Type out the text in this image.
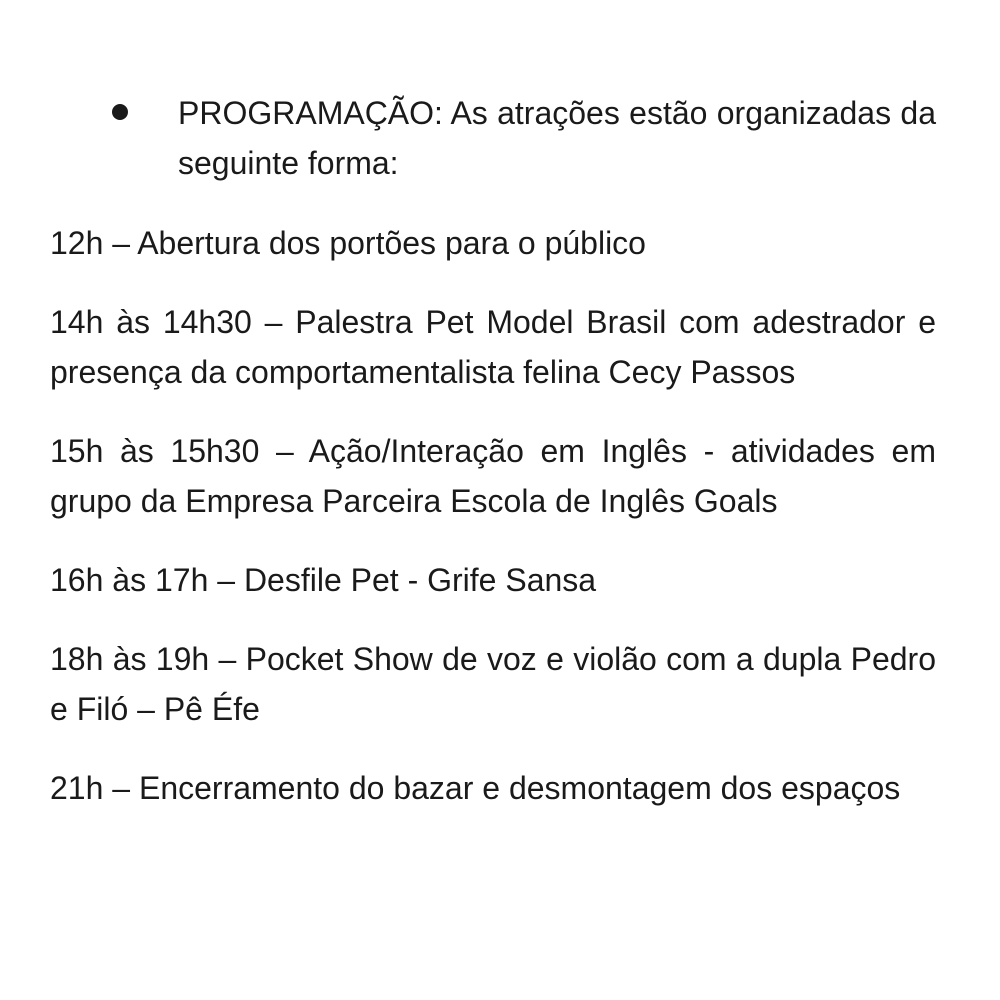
PROGRAMAÇÃO: As atrações estão organizadas da seguinte forma:

12h – Abertura dos portões para o público

14h às 14h30 – Palestra Pet Model Brasil com adestrador e presença da comportamentalista felina Cecy Passos

15h às 15h30 – Ação/Interação em Inglês - atividades em grupo da Empresa Parceira Escola de Inglês Goals

16h às 17h – Desfile Pet - Grife Sansa

18h às 19h – Pocket Show de voz e violão com a dupla Pedro e Filó – Pê Éfe

21h – Encerramento do bazar e desmontagem dos espaços
